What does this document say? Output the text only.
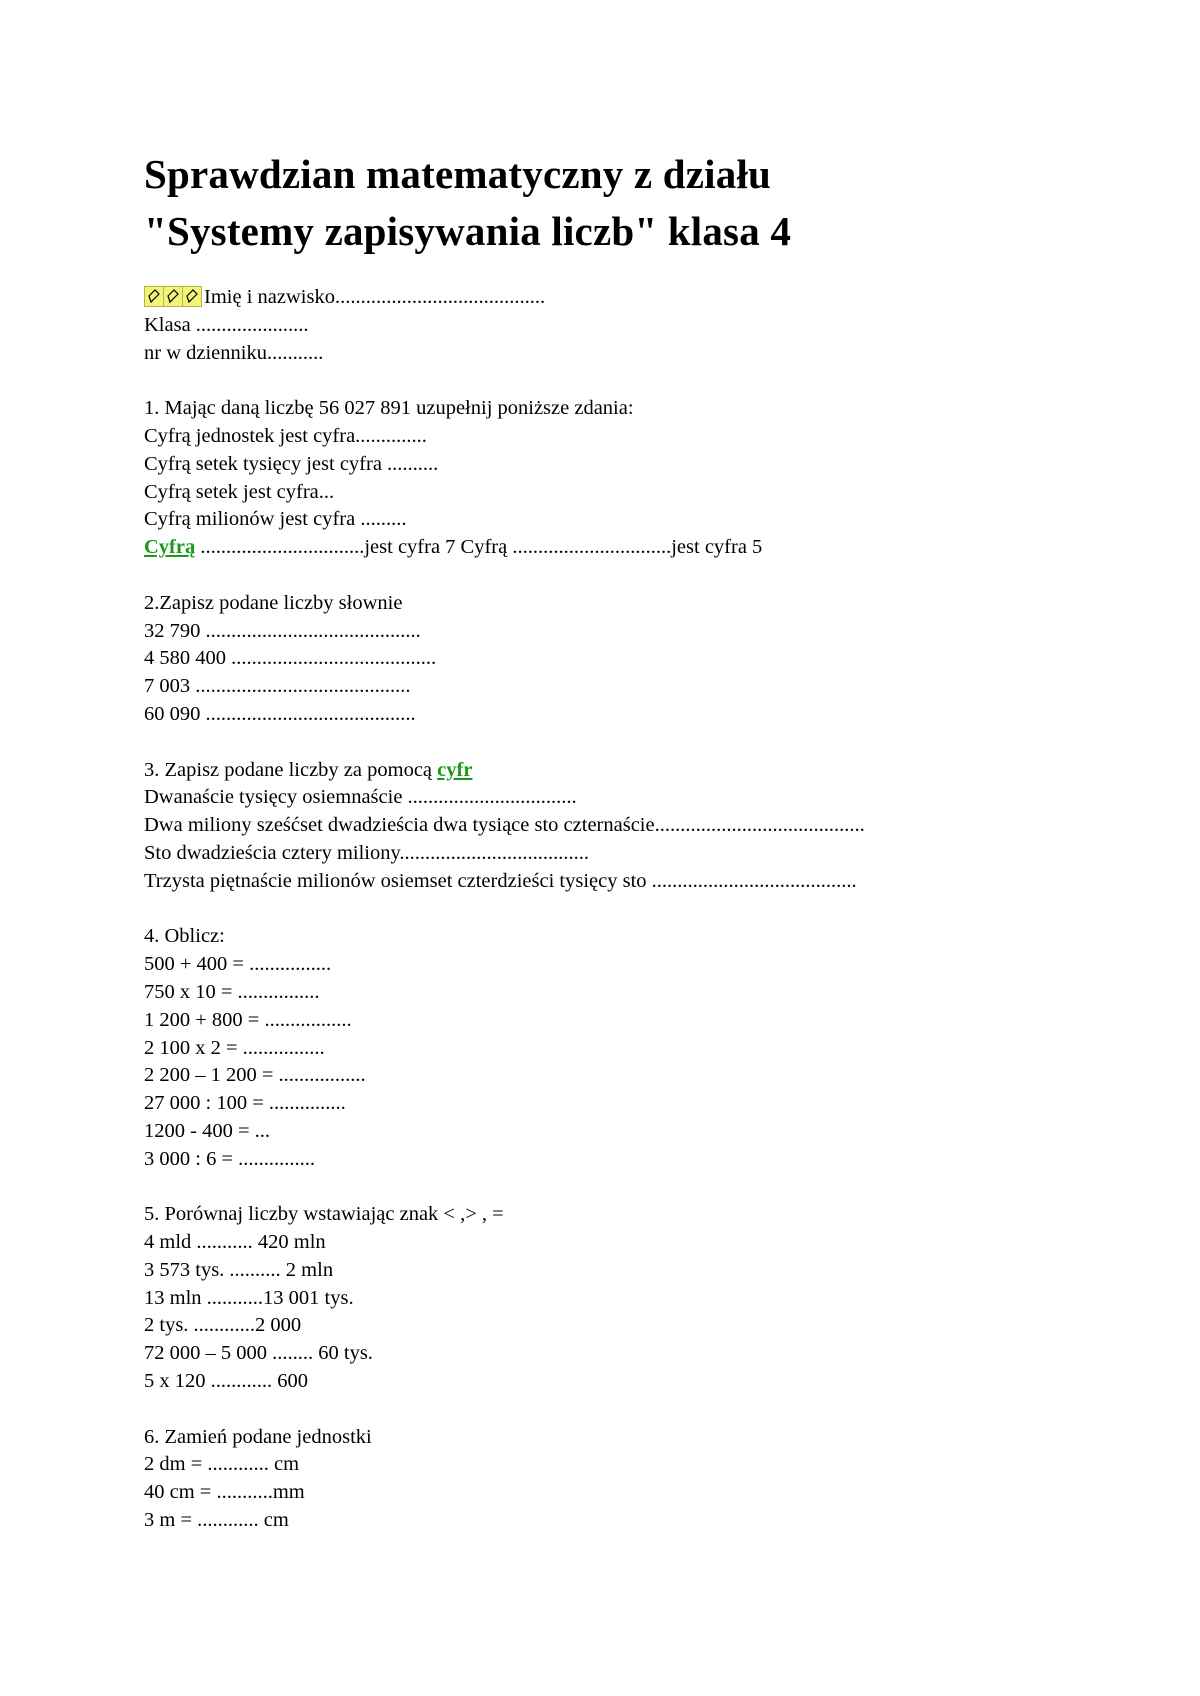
Sprawdzian matematyczny z działu
"Systemy zapisywania liczb" klasa 4
Imię i nazwisko.........................................
Klasa ......................
nr w dzienniku...........
1. Mając daną liczbę 56 027 891 uzupełnij poniższe zdania:
Cyfrą jednostek jest cyfra..............
Cyfrą setek tysięcy jest cyfra ..........
Cyfrą setek jest cyfra...
Cyfrą milionów jest cyfra .........
Cyfrą ................................jest cyfra 7 Cyfrą ...............................jest cyfra 5
2.Zapisz podane liczby słownie
32 790 ..........................................
4 580 400 ........................................
7 003 ..........................................
60 090 .........................................
3. Zapisz podane liczby za pomocą cyfr
Dwanaście tysięcy osiemnaście .................................
Dwa miliony sześćset dwadzieścia dwa tysiące sto czternaście.........................................
Sto dwadzieścia cztery miliony.....................................
Trzysta piętnaście milionów osiemset czterdzieści tysięcy sto ........................................
4. Oblicz:
500 + 400 = ................
750 x 10 = ................
1 200 + 800 = .................
2 100 x 2 = ................
2 200 – 1 200 = .................
27 000 : 100 = ...............
1200 - 400 = ...
3 000 : 6 = ...............
5. Porównaj liczby wstawiając znak < ,> , =
4 mld ........... 420 mln
3 573 tys. .......... 2 mln
13 mln ...........13 001 tys.
2 tys. ............2 000
72 000 – 5 000 ........ 60 tys.
5 x 120 ............ 600
6. Zamień podane jednostki
2 dm = ............ cm
40 cm = ...........mm
3 m = ............ cm
